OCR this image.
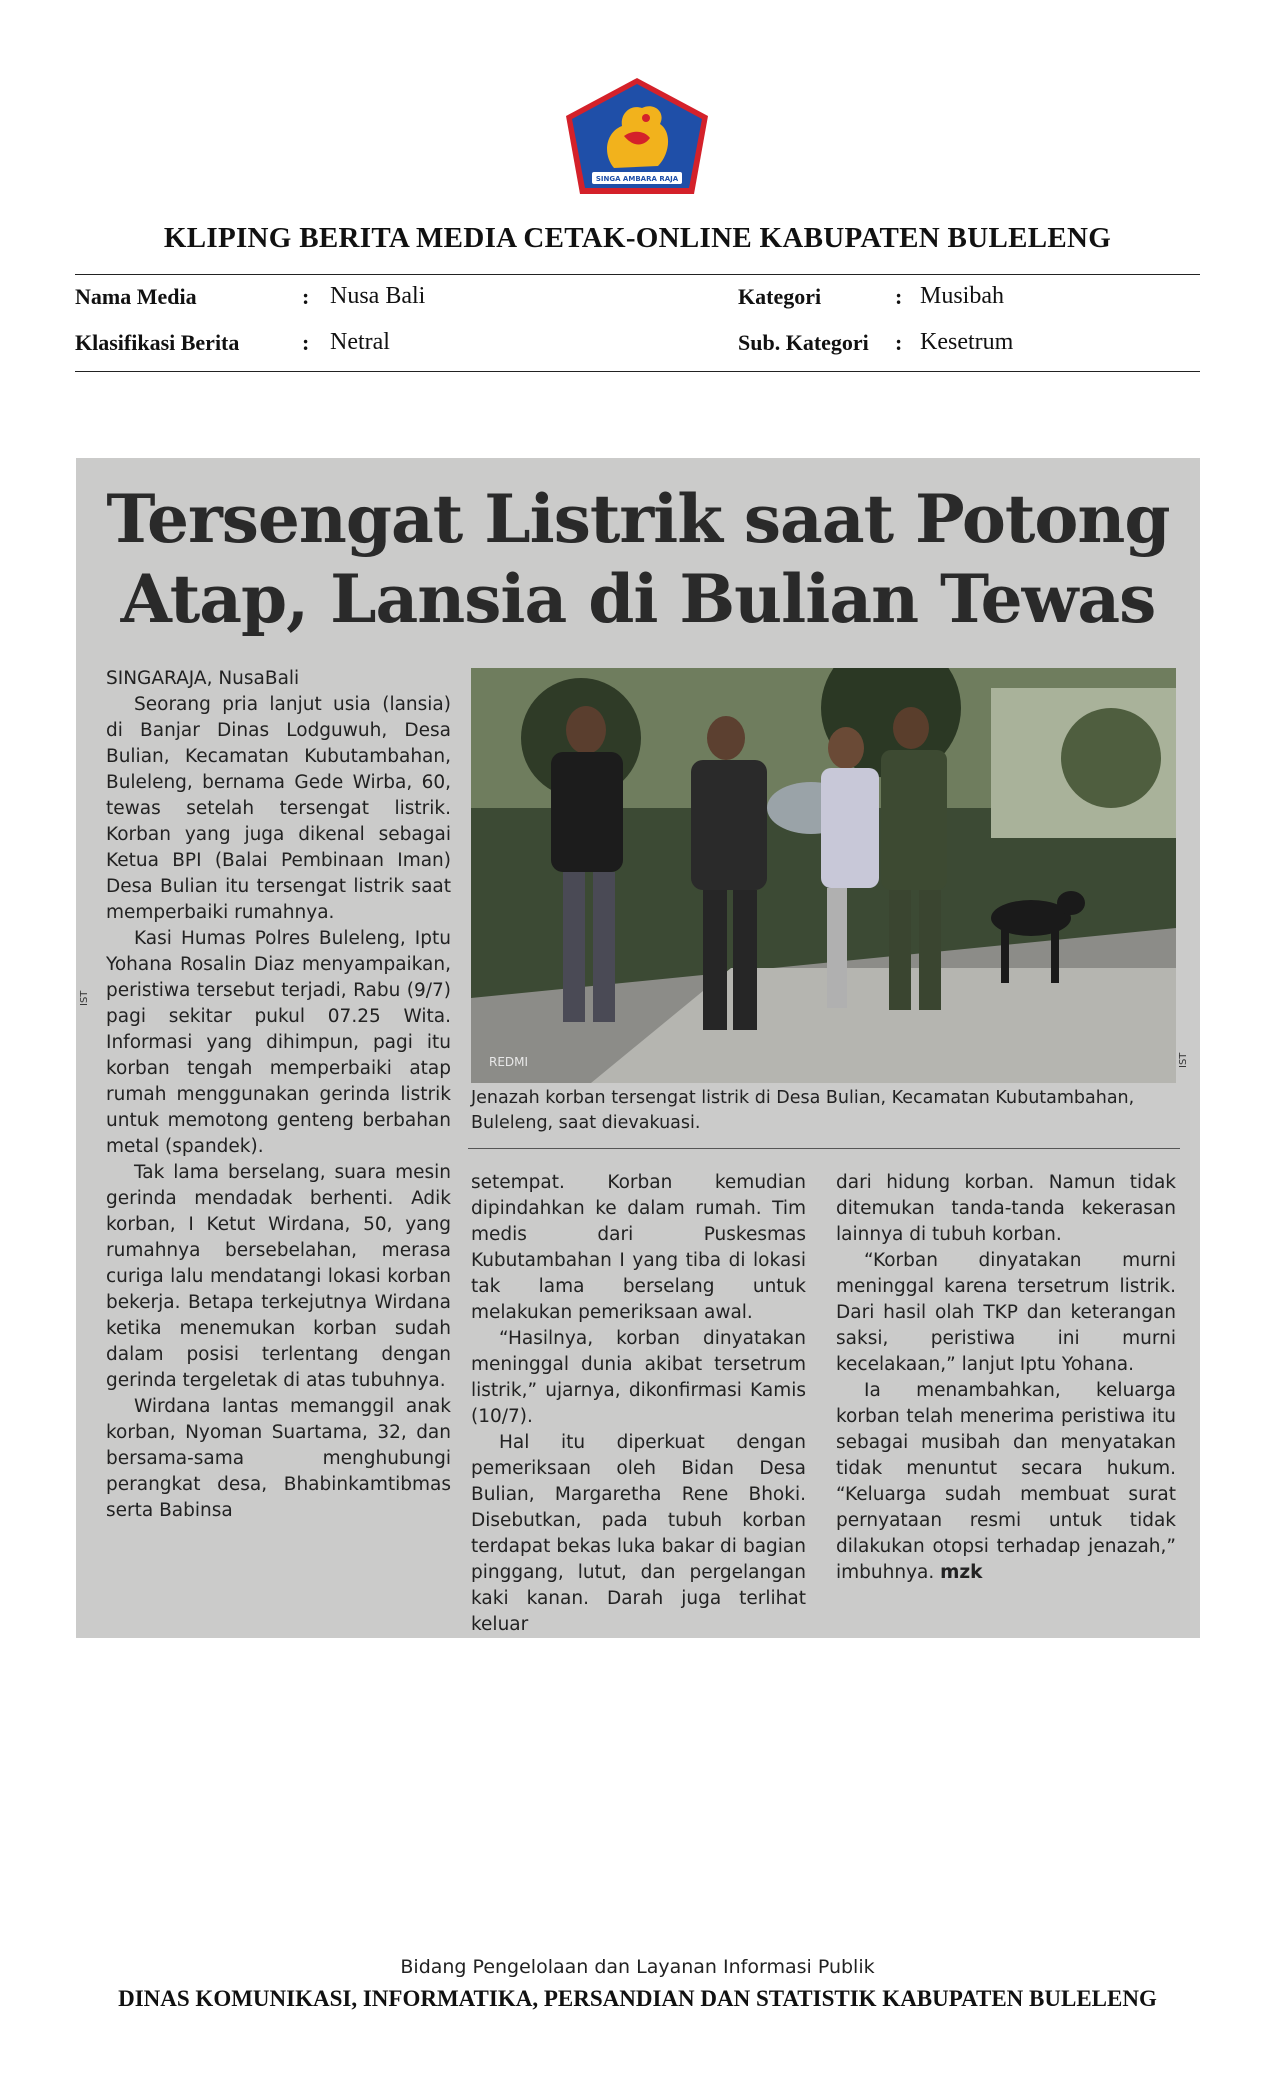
SINGA AMBARA RAJA
KLIPING BERITA MEDIA CETAK-ONLINE KABUPATEN BULELENG
Nama Media	: Nusa Bali
Klasifikasi Berita	: Netral
Kategori	: Musibah
Sub. Kategori : Kesetrum
Tersengat Listrik saat Potong
Atap, Lansia di Bulian Tewas
SINGARAJA, NusaBali

Seorang pria lanjut usia (lansia) di Banjar Dinas Lodguwuh, Desa Bulian, Kecamatan Kubutambahan, Buleleng, bernama Gede Wirba, 60, tewas setelah tersengat listrik. Korban yang juga dikenal sebagai Ketua BPI (Balai Pembinaan Iman) Desa Bulian itu tersengat listrik saat memperbaiki rumahnya.

Kasi Humas Polres Buleleng, Iptu Yohana Rosalin Diaz menyampaikan, peristiwa tersebut terjadi, Rabu (9/7) pagi sekitar pukul 07.25 Wita. Informasi yang dihimpun, pagi itu korban tengah memperbaiki atap rumah menggunakan gerinda listrik untuk memotong genteng berbahan metal (spandek).

Tak lama berselang, suara mesin gerinda mendadak berhenti. Adik korban, I Ketut Wirdana, 50, yang rumahnya bersebelahan, merasa curiga lalu mendatangi lokasi korban bekerja. Betapa terkejutnya Wirdana ketika menemukan korban sudah dalam posisi terlentang dengan gerinda tergeletak di atas tubuhnya.

Wirdana lantas memanggil anak korban, Nyoman Suartama, 32, dan bersama-sama menghubungi perangkat desa, Bhabinkamtibmas serta Babinsa

IST
REDMI	IST
Jenazah korban tersengat listrik di Desa Bulian, Kecamatan Kubutambahan, Buleleng, saat dievakuasi.

setempat. Korban kemudian dipindahkan ke dalam rumah. Tim medis dari Puskesmas Kubutambahan I yang tiba di lokasi tak lama berselang untuk melakukan pemeriksaan awal.

“Hasilnya, korban dinyatakan meninggal dunia akibat tersetrum listrik,” ujarnya, dikonfirmasi Kamis (10/7).

Hal itu diperkuat dengan pemeriksaan oleh Bidan Desa Bulian, Margaretha Rene Bhoki. Disebutkan, pada tubuh korban terdapat bekas luka bakar di bagian pinggang, lutut, dan pergelangan kaki kanan. Darah juga terlihat keluar

dari hidung korban. Namun tidak ditemukan tanda-tanda kekerasan lainnya di tubuh korban.

“Korban dinyatakan murni meninggal karena tersetrum listrik. Dari hasil olah TKP dan keterangan saksi, peristiwa ini murni kecelakaan,” lanjut Iptu Yohana.

Ia menambahkan, keluarga korban telah menerima peristiwa itu sebagai musibah dan menyatakan tidak menuntut secara hukum. “Keluarga sudah membuat surat pernyataan resmi untuk tidak dilakukan otopsi terhadap jenazah,” imbuhnya. mzk

Bidang Pengelolaan dan Layanan Informasi Publik
DINAS KOMUNIKASI, INFORMATIKA, PERSANDIAN DAN STATISTIK KABUPATEN BULELENG
